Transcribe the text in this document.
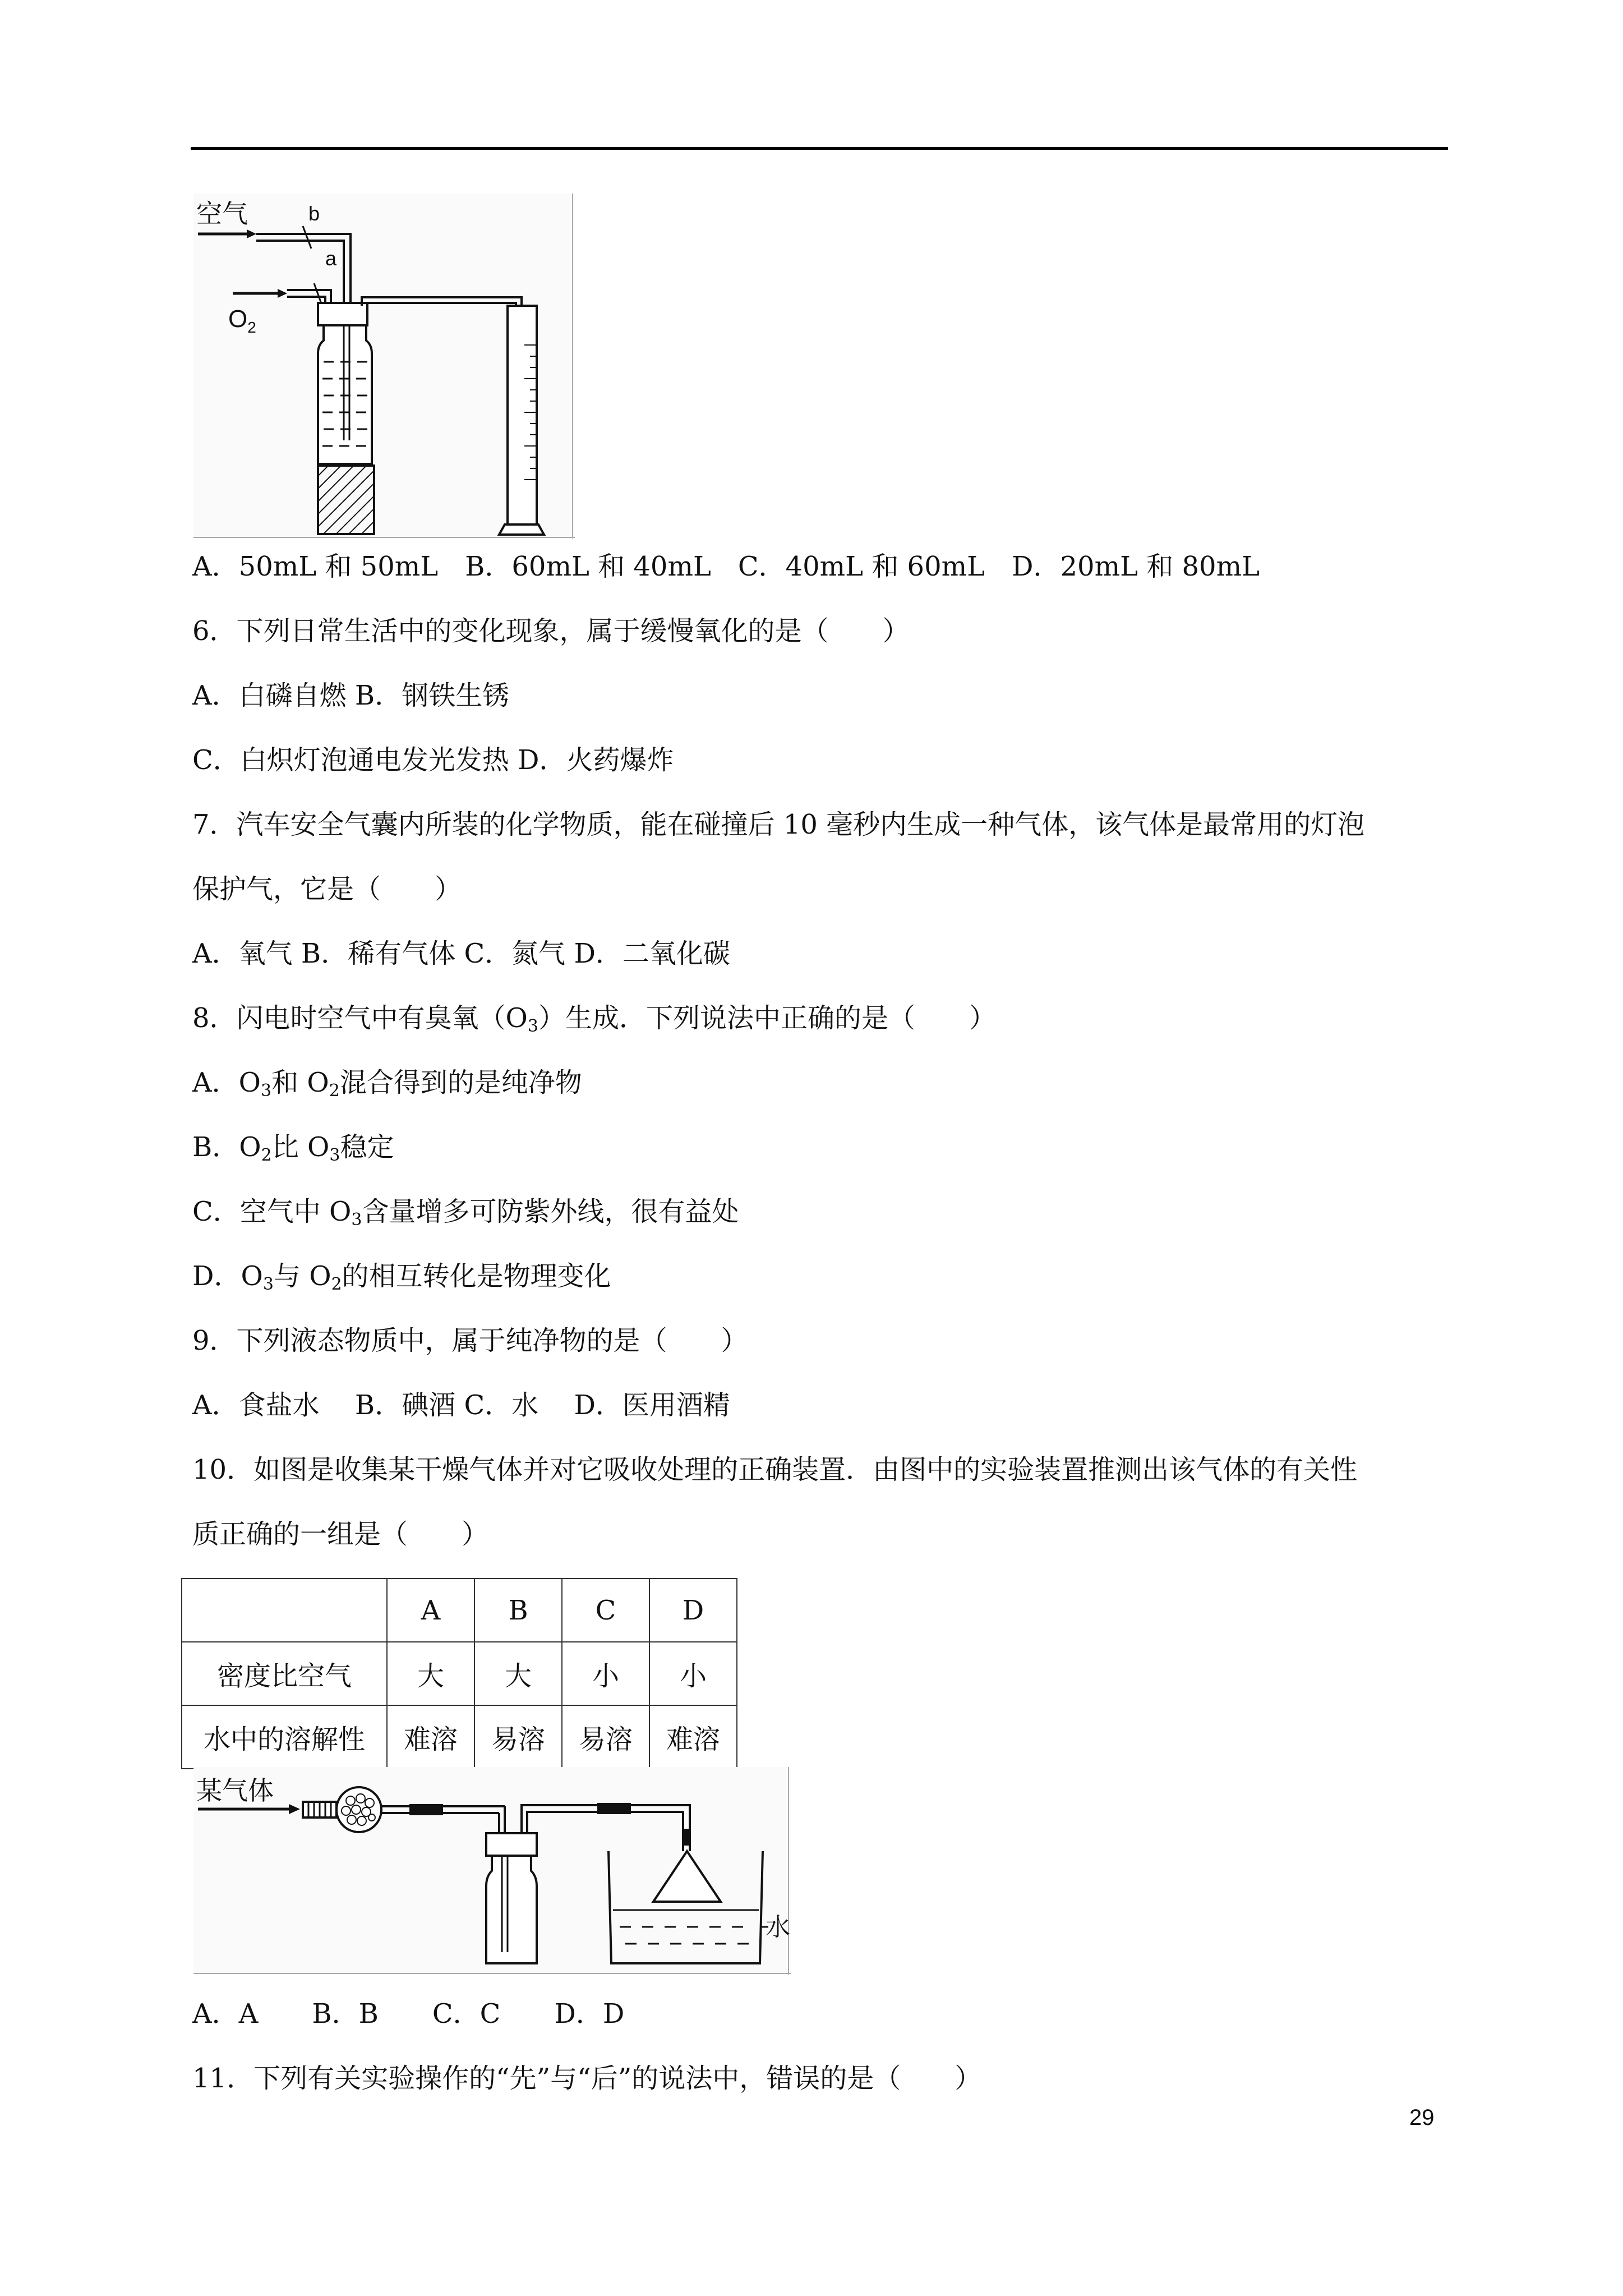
空气
$O_2$
b
a
A．50mL 和 50mL　B．60mL 和 40mL　C．40mL 和 60mL　D．20mL 和 80mL
6．下列日常生活中的变化现象，属于缓慢氧化的是（　　）
A．白磷自燃 B．钢铁生锈
C．白炽灯泡通电发光发热 D．火药爆炸
7．汽车安全气囊内所装的化学物质，能在碰撞后 10 毫秒内生成一种气体，该气体是最常用的灯泡
保护气，它是（　　）
A．氧气 B．稀有气体 C．氮气 D．二氧化碳
8．闪电时空气中有臭氧$(O_3)$生成．下列说法中正确的是（　　）
A．$O_3$和 $O_2$混合得到的是纯净物
B．$O_2$比 $O_3$稳定
C．空气中 $O_3$含量增多可防紫外线，很有益处
D．$O_3$与 $O_2$的相互转化是物理变化
9．下列液态物质中，属于纯净物的是（　　）
A．食盐水　 B．碘酒 C．水　 D．医用酒精
10．如图是收集某干燥气体并对它吸收处理的正确装置．由图中的实验装置推测出该气体的有关性
质正确的一组是（　　）
	A	B	C	D
密度比空气	大	大	小	小
水中的溶解性	难溶	易溶	易溶	难溶
某气体
水
A．A　　B．B　　C．C　　D．D
11．下列有关实验操作的“先”与“后”的说法中，错误的是（　　）
29
